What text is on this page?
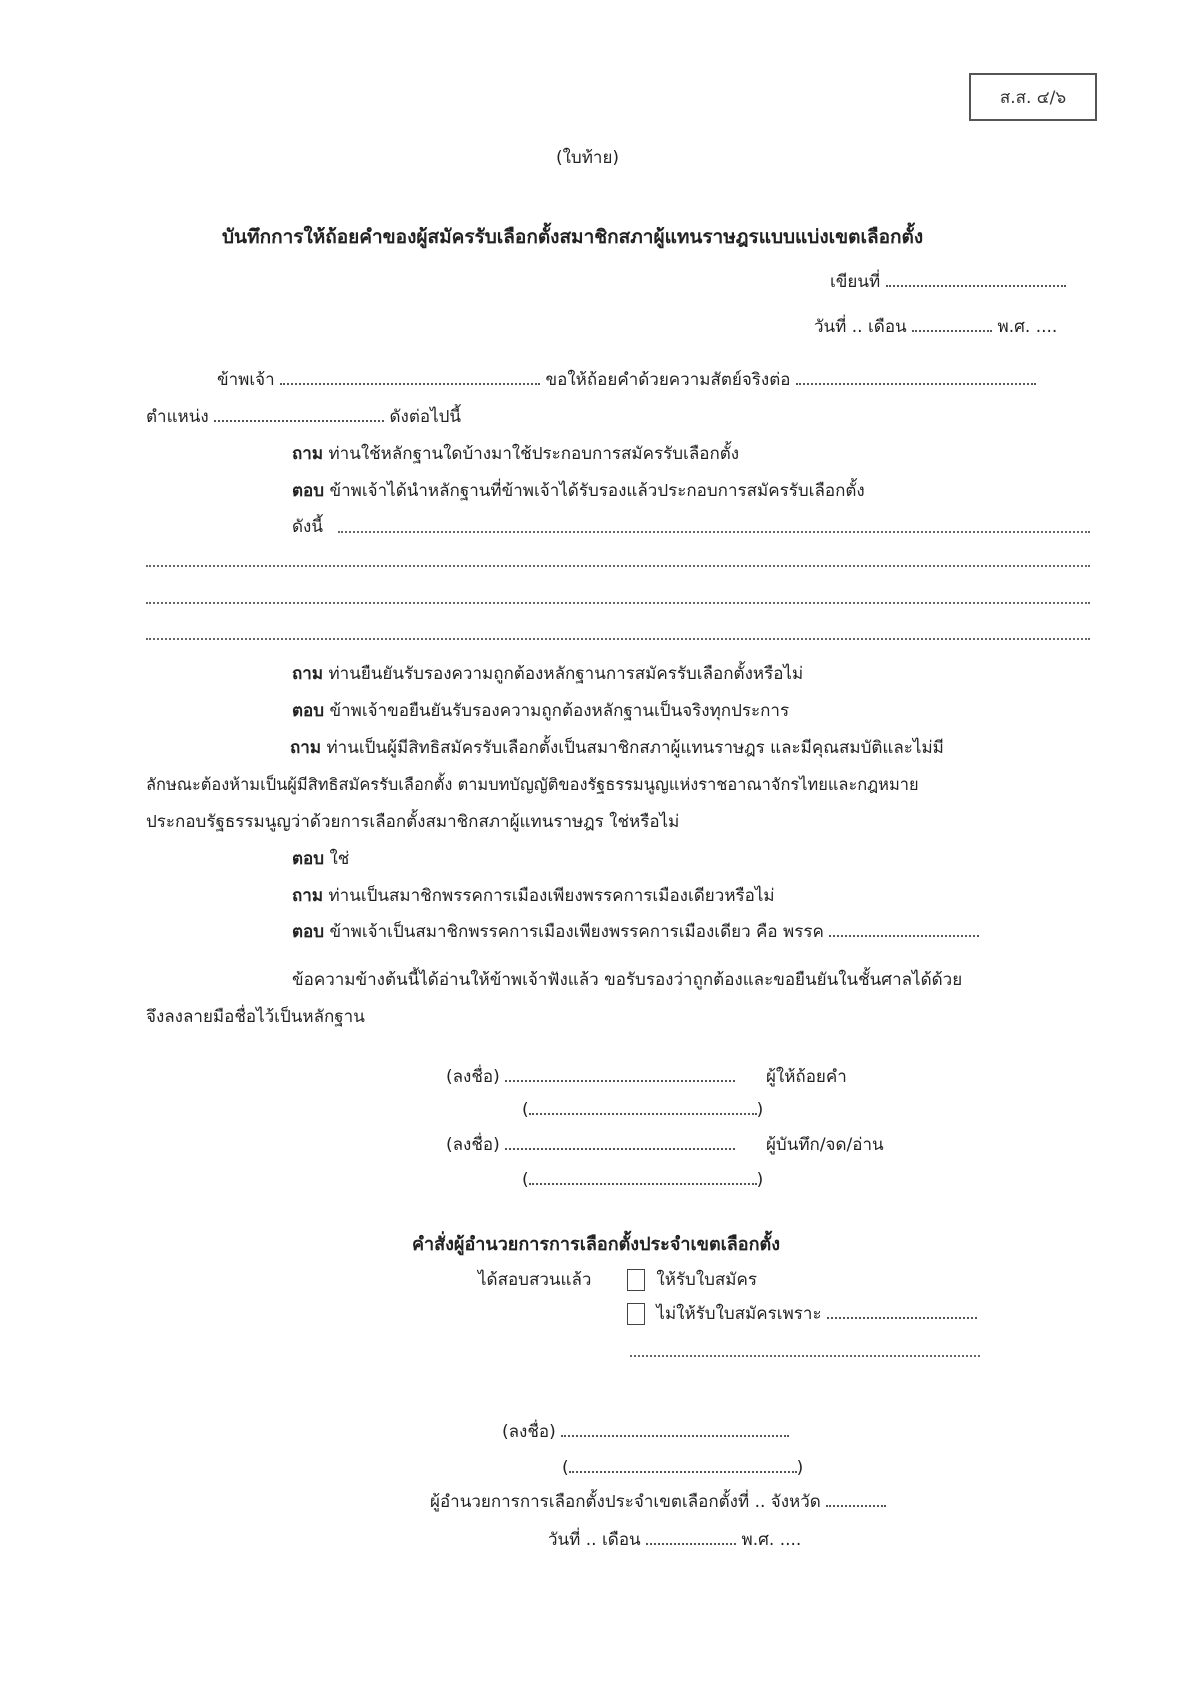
ส.ส. ๔/๖
(ใบท้าย)
บันทึกการให้ถ้อยคำของผู้สมัครรับเลือกตั้งสมาชิกสภาผู้แทนราษฎรแบบแบ่งเขตเลือกตั้ง
เขียนที่
วันที่ .. เดือน	พ.ศ. ....
ข้าพเจ้า	ขอให้ถ้อยคำด้วยความสัตย์จริงต่อ
ตำแหน่ง	ดังต่อไปนี้
ถาม ท่านใช้หลักฐานใดบ้างมาใช้ประกอบการสมัครรับเลือกตั้ง
ตอบ ข้าพเจ้าได้นำหลักฐานที่ข้าพเจ้าได้รับรองแล้วประกอบการสมัครรับเลือกตั้ง
ดังนี้
ถาม ท่านยืนยันรับรองความถูกต้องหลักฐานการสมัครรับเลือกตั้งหรือไม่
ตอบ ข้าพเจ้าขอยืนยันรับรองความถูกต้องหลักฐานเป็นจริงทุกประการ
ถาม ท่านเป็นผู้มีสิทธิสมัครรับเลือกตั้งเป็นสมาชิกสภาผู้แทนราษฎร และมีคุณสมบัติและไม่มี
ลักษณะต้องห้ามเป็นผู้มีสิทธิสมัครรับเลือกตั้ง ตามบทบัญญัติของรัฐธรรมนูญแห่งราชอาณาจักรไทยและกฎหมาย
ประกอบรัฐธรรมนูญว่าด้วยการเลือกตั้งสมาชิกสภาผู้แทนราษฎร ใช่หรือไม่
ตอบ ใช่
ถาม ท่านเป็นสมาชิกพรรคการเมืองเพียงพรรคการเมืองเดียวหรือไม่
ตอบ ข้าพเจ้าเป็นสมาชิกพรรคการเมืองเพียงพรรคการเมืองเดียว คือ พรรค
ข้อความข้างต้นนี้ได้อ่านให้ข้าพเจ้าฟังแล้ว ขอรับรองว่าถูกต้องและขอยืนยันในชั้นศาลได้ด้วย
จึงลงลายมือชื่อไว้เป็นหลักฐาน
(ลงชื่อ)	ผู้ให้ถ้อยคำ
(	)
(ลงชื่อ)	ผู้บันทึก/จด/อ่าน
(	)
คำสั่งผู้อำนวยการการเลือกตั้งประจำเขตเลือกตั้ง
ได้สอบสวนแล้ว	ให้รับใบสมัคร
ไม่ให้รับใบสมัครเพราะ
(ลงชื่อ)
(	)
ผู้อำนวยการการเลือกตั้งประจำเขตเลือกตั้งที่ .. จังหวัด
วันที่ .. เดือน	พ.ศ. ....
